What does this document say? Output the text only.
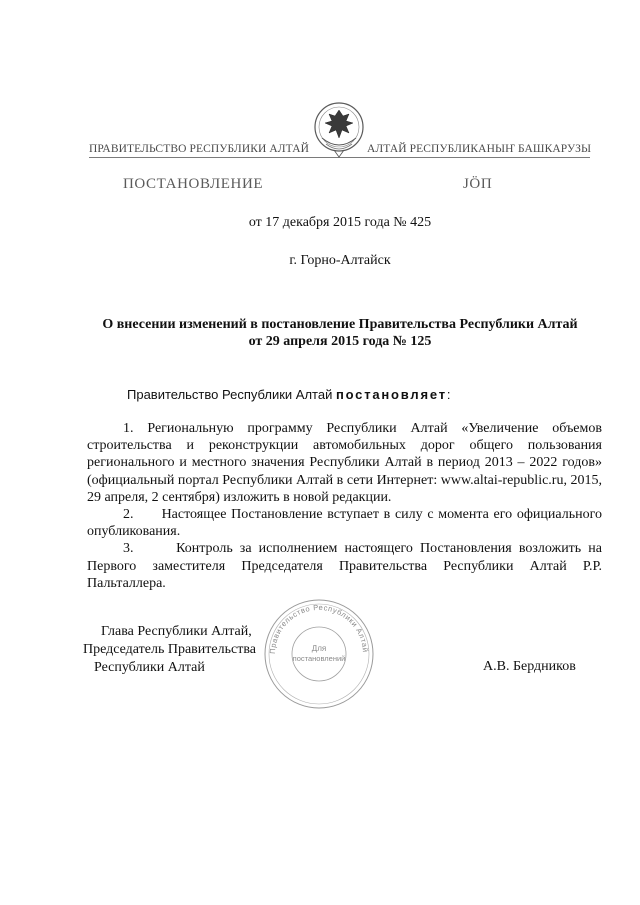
ПРАВИТЕЛЬСТВО РЕСПУБЛИКИ АЛТАЙ	АЛТАЙ РЕСПУБЛИКАНЫҤ БАШКАРУЗЫ
ПОСТАНОВЛЕНИЕ	JӦП
от 17 декабря 2015 года № 425
г. Горно-Алтайск
О внесении изменений в постановление Правительства Республики Алтай
от 29 апреля 2015 года № 125
Правительство Республики Алтай постановляет:

1. Региональную программу Республики Алтай «Увеличение объемов строительства и реконструкции автомобильных дорог общего пользования регионального и местного значения Республики Алтай в период 2013 – 2022 годов» (официальный портал Республики Алтай в сети Интернет: www.altai-republic.ru, 2015, 29 апреля, 2 сентября) изложить в новой редакции.

2.      Настоящее Постановление вступает в силу с момента его официального опубликования.

3.      Контроль за исполнением настоящего Постановления возложить на Первого заместителя Председателя Правительства Республики Алтай Р.Р. Пальталлера.

Глава Республики Алтай,
Председатель Правительства
Республики Алтай	А.В. Бердников
Правительство Республики Алтай
Для
постановлений
